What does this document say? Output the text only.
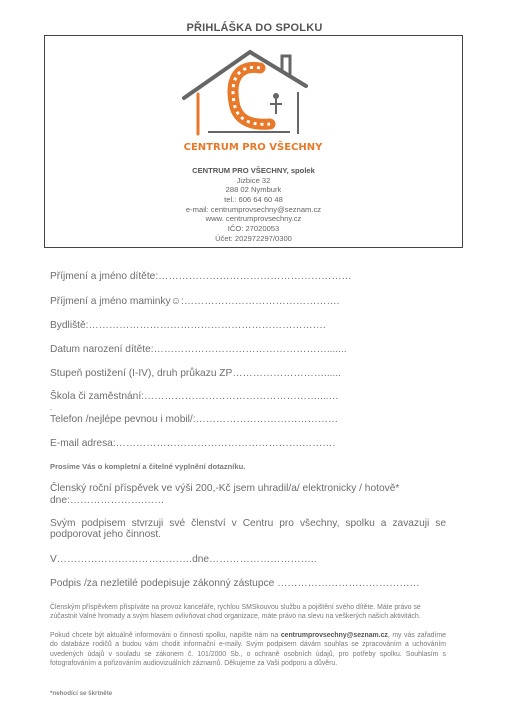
PŘIHLÁŠKA DO SPOLKU
CENTRUM PRO VŠECHNY
CENTRUM PRO VŠECHNY, spolek
Jizbice 32
288 02 Nymburk
tel.: 606 64 60 48
e-mail: centrumprovsechny@seznam.cz
www. centrumprovsechny.cz
IČO: 27020053
Účet: 202972297/0300
Příjmení a jméno dítěte:…………………………………………………
Příjmení a jméno maminky☺:……………………………………….
Bydliště:…………………………………………………………….
Datum narození dítěte:…………………………………………….......
Stupeň postižení (I-IV), druh průkazu ZP………………………......
Škola či zaměstnání:……………………………………………....…
.
Telefon /nejlépe pevnou i mobil/:……………………………………
E-mail adresa:……………………………………………….……….
Prosíme Vás o kompletní a čitelné vyplnění dotazníku.
Členský roční příspěvek ve výši 200,-Kč jsem uhradil/a/ elektronicky / hotově*
dne:………………….……
Svým podpisem stvrzuji své členství v Centru pro všechny, spolku a zavazuji se podporovat jeho činnost.
V………………………………….dne…………………………..
Podpis /za nezletilé podepisuje zákonný zástupce ……………………………………
Členským příspěvkem přispíváte na provoz kanceláře, rychlou SMSkouvou službu a pojištění svého dítěte. Máte právo se zúčastnit Valné hromady a svým hlasem ovlivňovat chod organizace, máte právo na slevu na veškerých našich aktivitách.
Pokud chcete být aktuálně informováni o činnosti spolku, napište nám na centrumprovsechny@seznam.cz, my vás zařadíme do databáze rodičů a budou vám chodit informační e-maily. Svým podpisem dávám souhlas se zpracováním a uchováním uvedených údajů v souladu se zákonem č. 101/2000 Sb., o ochraně osobních údajů, pro potřeby spolku. Souhlasím s fotografováním a pořizováním audiovizuálních záznamů. Děkujeme za Vaši podporu a důvěru.
*nehodící se škrtněte
